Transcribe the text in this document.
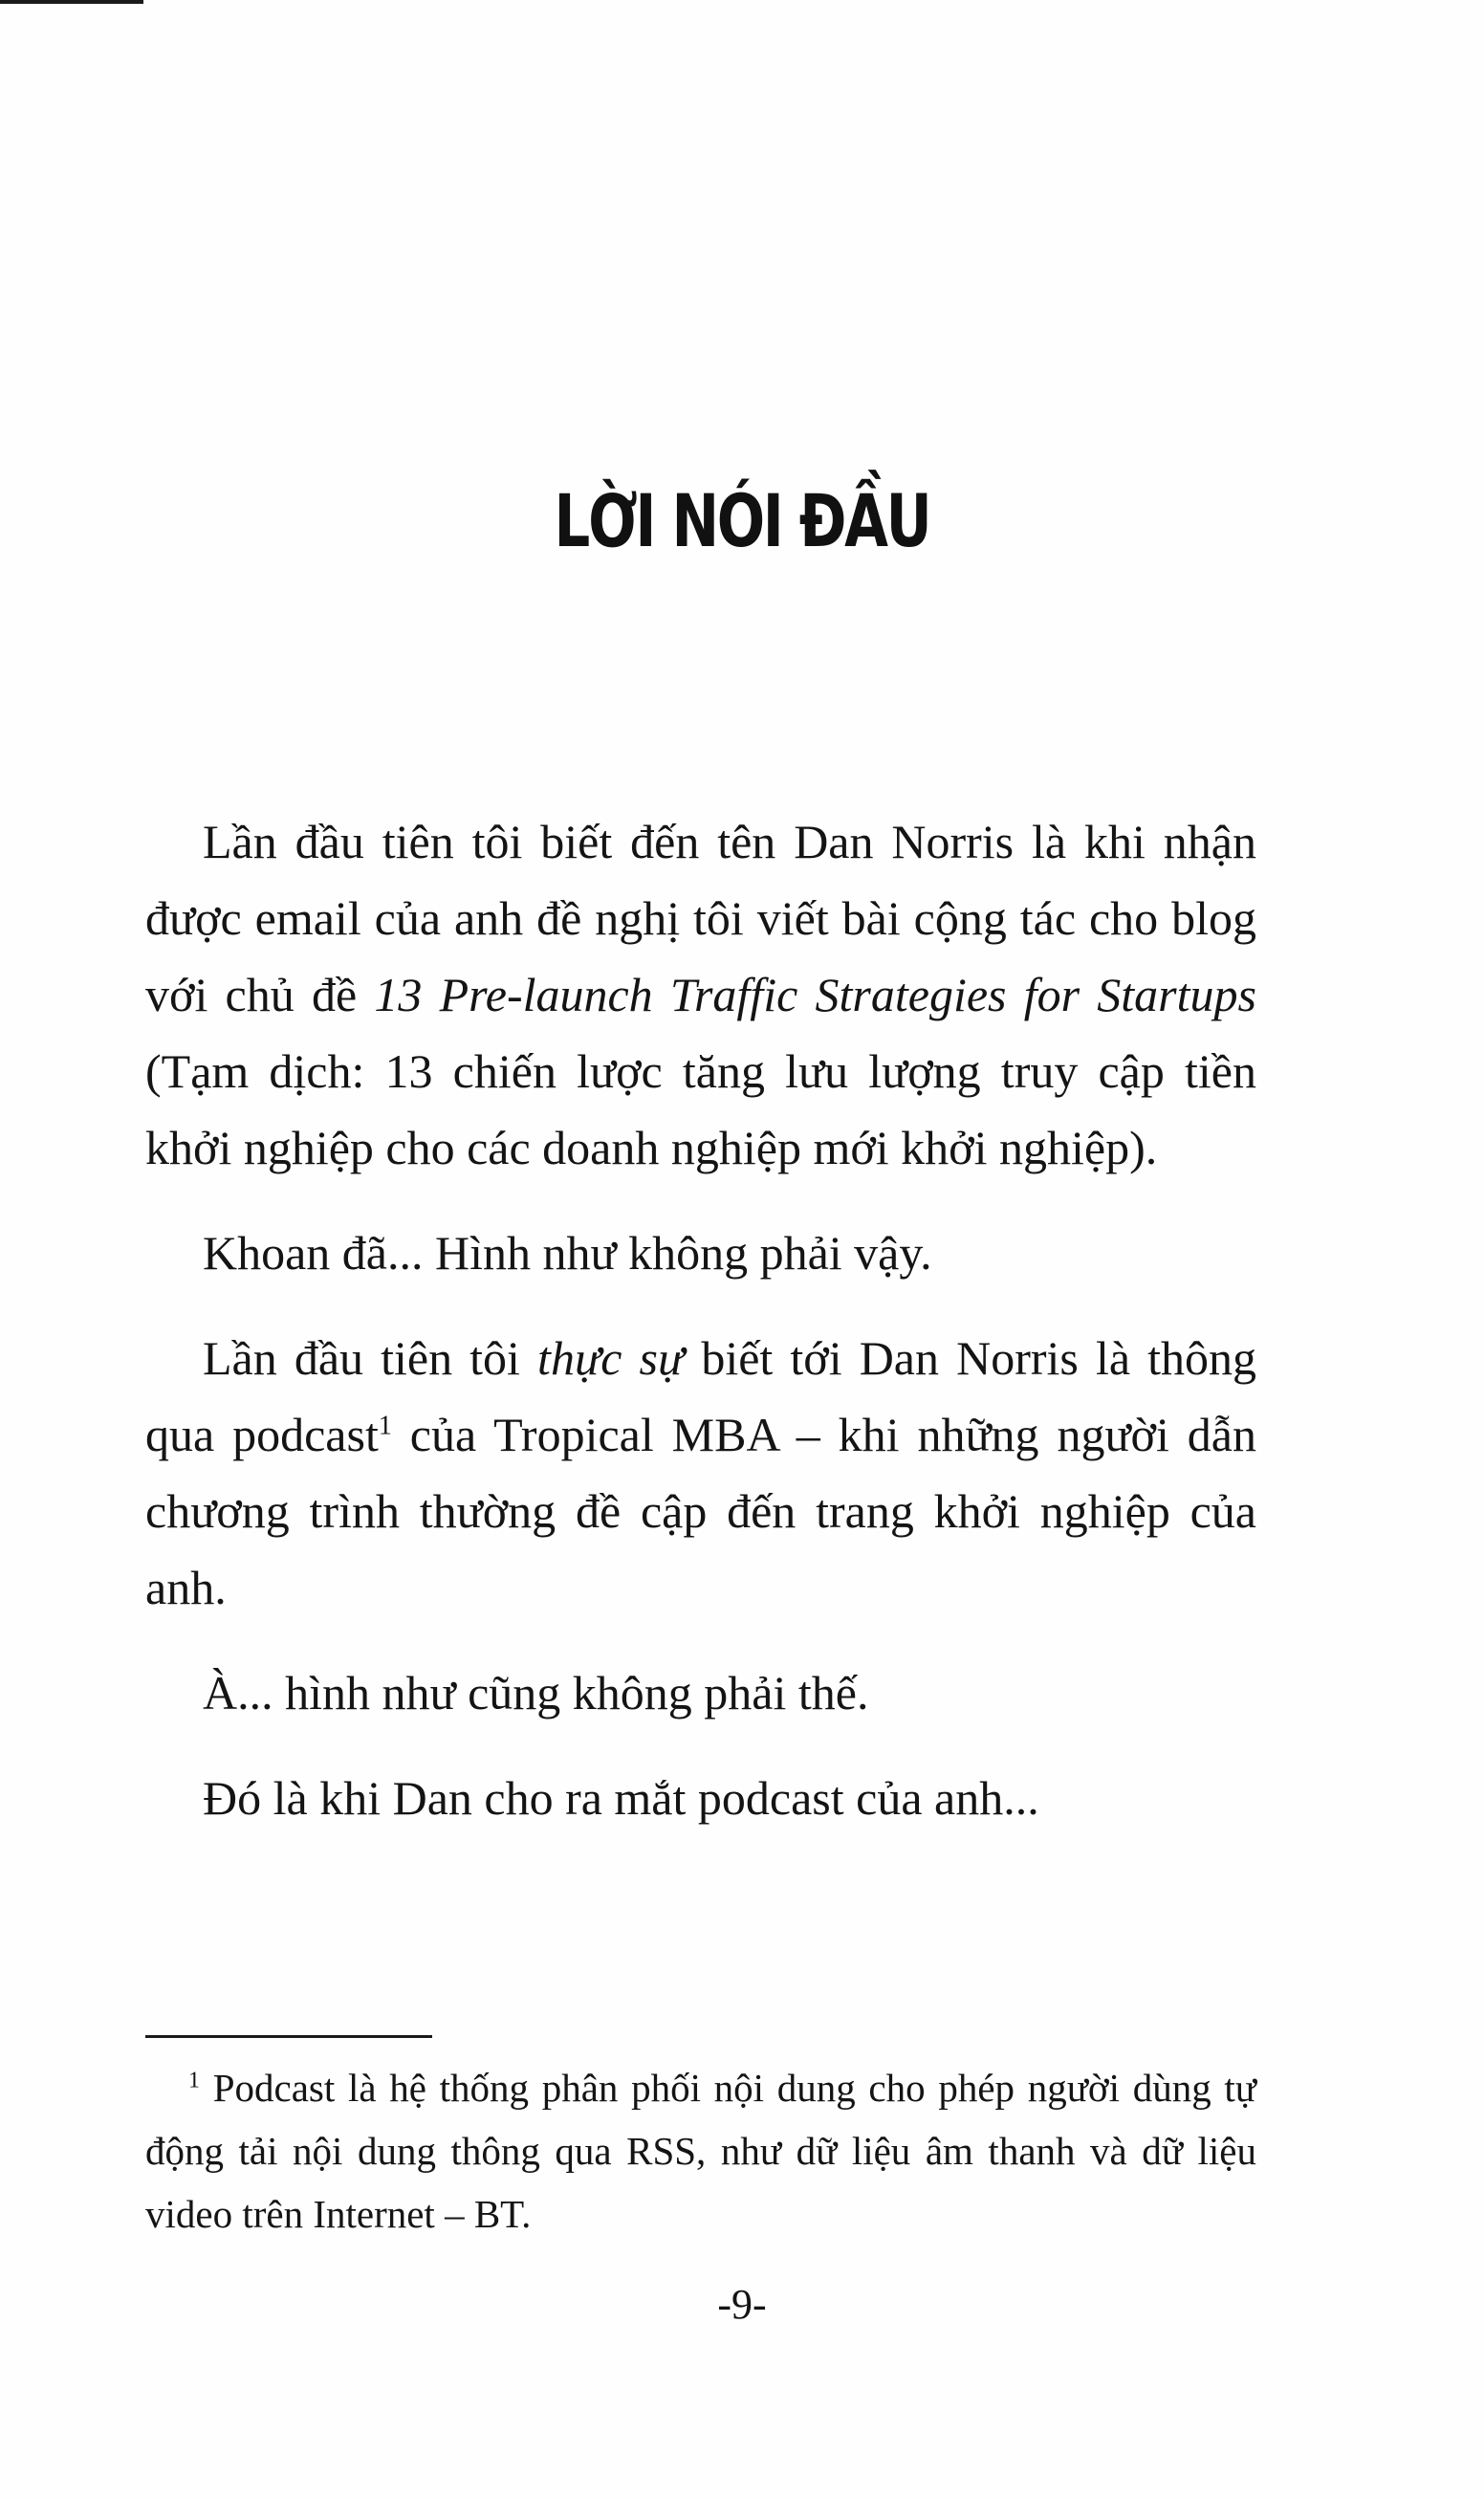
LỜI NÓI ĐẦU

Lần đầu tiên tôi biết đến tên Dan Norris là khi nhận được email của anh đề nghị tôi viết bài cộng tác cho blog với chủ đề 13 Pre-launch Traffic Strategies for Startups (Tạm dịch: 13 chiến lược tăng lưu lượng truy cập tiền khởi nghiệp cho các doanh nghiệp mới khởi nghiệp).

Khoan đã... Hình như không phải vậy.

Lần đầu tiên tôi thực sự biết tới Dan Norris là thông qua podcast$^1$ của Tropical MBA – khi những người dẫn chương trình thường đề cập đến trang khởi nghiệp của anh.

À... hình như cũng không phải thế.

Đó là khi Dan cho ra mắt podcast của anh...

$^1$ Podcast là hệ thống phân phối nội dung cho phép người dùng tự động tải nội dung thông qua RSS, như dữ liệu âm thanh và dữ liệu video trên Internet – BT.

-9-
